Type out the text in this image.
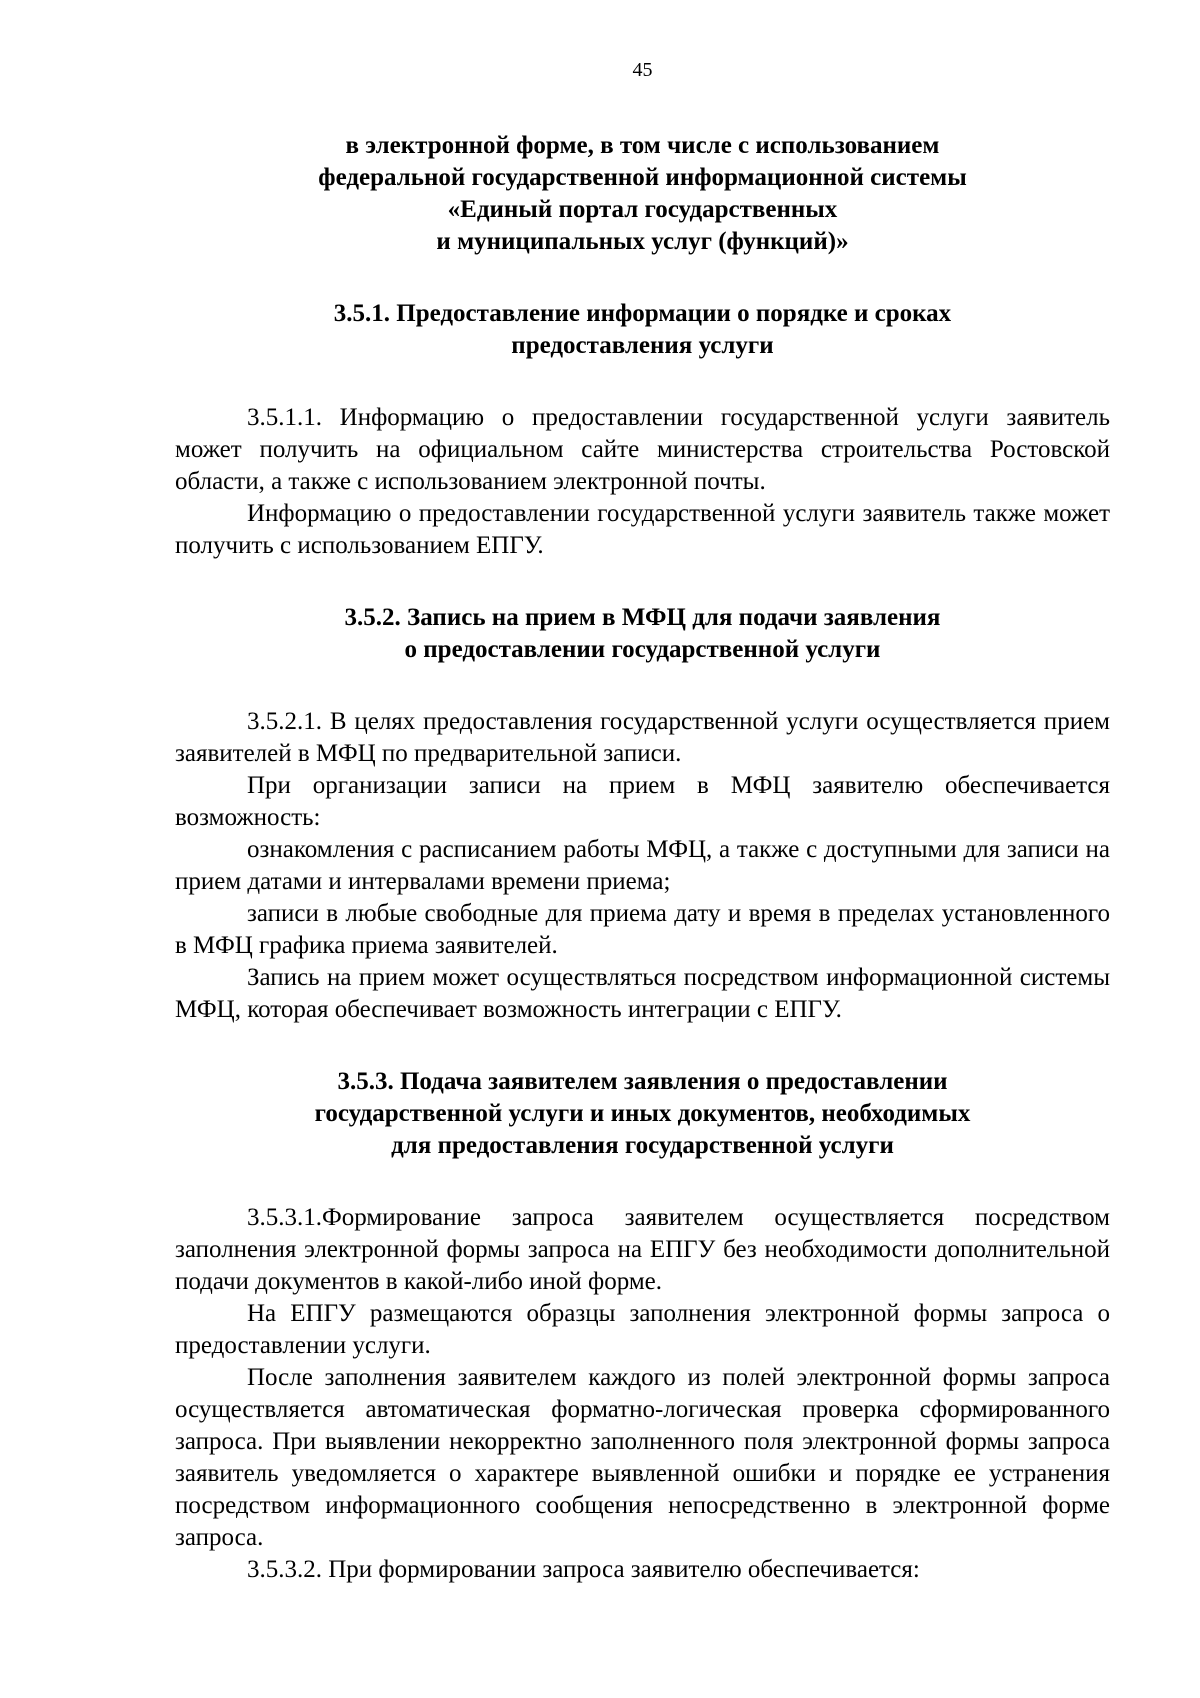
45
в электронной форме, в том числе с использованием
федеральной государственной информационной системы
«Единый портал государственных
и муниципальных услуг (функций)»
3.5.1. Предоставление информации о порядке и сроках
предоставления услуги

3.5.1.1. Информацию о предоставлении государственной услуги заявитель может получить на официальном сайте министерства строительства Ростовской области, а также с использованием электронной почты.

Информацию о предоставлении государственной услуги заявитель также может получить с использованием ЕПГУ.

3.5.2. Запись на прием в МФЦ для подачи заявления
о предоставлении государственной услуги

3.5.2.1. В целях предоставления государственной услуги осуществляется прием заявителей в МФЦ по предварительной записи.

При организации записи на прием в МФЦ заявителю обеспечивается возможность:

ознакомления с расписанием работы МФЦ, а также с доступными для записи на прием датами и интервалами времени приема;

записи в любые свободные для приема дату и время в пределах установленного в МФЦ графика приема заявителей.

Запись на прием может осуществляться посредством информационной системы МФЦ, которая обеспечивает возможность интеграции с ЕПГУ.

3.5.3. Подача заявителем заявления о предоставлении
государственной услуги и иных документов, необходимых
для предоставления государственной услуги

3.5.3.1.Формирование запроса заявителем осуществляется посредством заполнения электронной формы запроса на ЕПГУ без необходимости дополнительной подачи документов в какой-либо иной форме.

На ЕПГУ размещаются образцы заполнения электронной формы запроса о предоставлении услуги.

После заполнения заявителем каждого из полей электронной формы запроса осуществляется автоматическая форматно-логическая проверка сформированного запроса. При выявлении некорректно заполненного поля электронной формы запроса заявитель уведомляется о характере выявленной ошибки и порядке ее устранения посредством информационного сообщения непосредственно в электронной форме запроса.

3.5.3.2. При формировании запроса заявителю обеспечивается:
